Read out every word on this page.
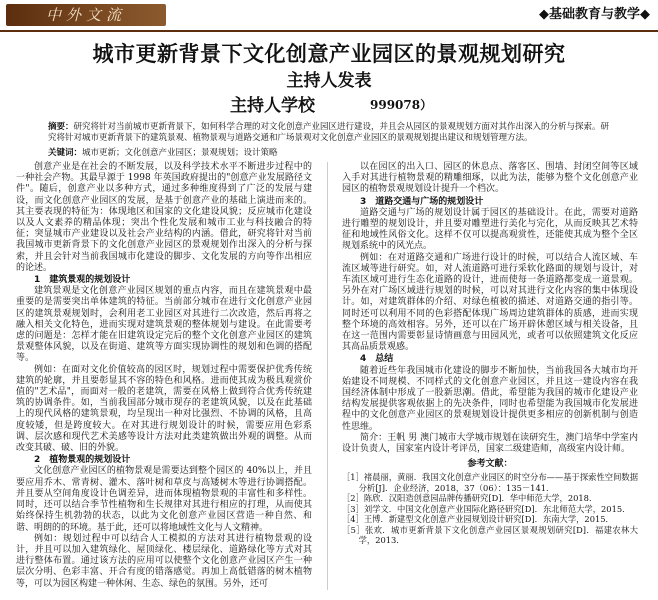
中外文流	◆基础教育与教学◆
城市更新背景下文化创意产业园区的景观规划研究
主持人发表
主持人学校	999078）
摘要：研究将针对当前城市更新背景下，如何科学合理的对文化创意产业园区进行建设，并且会从园区的景观规划方面对其作出深入的分析与探索。研究将针对城市更新背景下的建筑景观、植物景观与道路交通和广场景观对文化创意产业园区的景观规划提出建议和规划管理方法。
关键词：城市更新；文化创意产业园区；景观规划；设计策略

创意产业是在社会的不断发展，以及科学技术水平不断进步过程中的一种社会产物。其最早源于 1998 年英国政府提出的"创意产业发展路径文件"。随后，创意产业以多种方式，通过多种维度得到了广泛的发展与建设，而文化创意产业园区的发展，是基于创意产业的基础上演进而来的。其主要表现的特征为：体现地区和国家的文化建设风貌；反应城市化建设以及人文素养的精品体现；突出个性化发展和城市工业与科技融合的特征；突显城市产业建设以及社会产业结构的内涵。借此，研究将针对当前我国城市更新背景下的文化创意产业园区的景观规划作出深入的分析与探索，并且会针对当前我国城市化建设的脚步、文化发展的方向等作出相应的论述。

1　建筑景观的规划设计

建筑景观是文化创意产业园区规划的重点内容，而且在建筑景观中最重要的是需要突出单体建筑的特征。当前部分城市在进行文化创意产业园区的建筑景观规划时，会利用老工业园区对其进行二次改造，然后再将之融入相关文化特色，进而实现对建筑景观的整体规划与建设。在此需要考虑的问题是：怎样才能在旧建筑设定完后的整个文化创意产业园区的建筑景观整体风貌，以及在街道、建筑等方面实现协调性的规划和色调的搭配等。

例如：在面对文化价值较高的园区时，规划过程中需要保护优秀传统建筑的轮廓，并且要彰显其不容的特色和风格。进而使其成为极具观赏价值的"艺术品"，而面对一般的老建筑，需要在风格上做到符合优秀传统建筑的协调条件。如，当前我国部分城市现存的老建筑风貌，以及在此基础上的现代风格的建筑景观，均呈现出一种对比强烈、不协调的风格，且高度较矮，但是跨度较大。在对其进行规划设计的时候，需要应用色彩系调、层次感和现代艺术美感等设计方法对此类建筑做出外观的调整。从而改变其破、破、旧的外貌。

2　植物景观的规划设计

文化创意产业园区的植物景观是需要达到整个园区的 40%以上，并且要应用乔木、常青树、灌木、落叶树和草皮与高矮树木等进行协调搭配。并且要从空间角度设计色调差异，进而体现植物景观的丰富性和多样性。同时，还可以结合季节性植物和生长规律对其进行相应的打理，从而使其始终保持生机勃勃的状态，以此为文化创意产业园区营造一种自然、和谐、明朗的的环境。基于此，还可以将地域性文化与人文精神。

例如：规划过程中可以结合人工模拟的方法对其进行植物景观的设计，并且可以加入建筑绿化、屋顶绿化、楼层绿化、道路绿化等方式对其进行整体布置。通过该方法的应用可以使整个文化创意产业园区产生一种层次分明、色彩丰富、开合有度的错落感觉。再加上高低错落的树木植物等，可以为园区构建一种休闲、生态、绿色的氛围。另外，还可

以在园区的出入口、园区的休息点、落客区、围墙、封闭空间等区域入手对其进行植物景观的精雕细琢，以此为法，能够为整个文化创意产业园区的植物景观规划设计提升一个档次。

3　道路交通与广场的规划设计

道路交通与广场的规划设计属于园区的基础设计。在此，需要对道路进行雕塑的规划设计，并且要对雕塑进行美化与完化，从而反映其艺术特征和地域性风俗文化。这样不仅可以提高观赏性，还能使其成为整个全区规划系统中的风光点。

例如：在对道路交通和广场进行设计的时候，可以结合人流区域、车流区域等进行研究。如，对人流道路可进行采软化路面的规划与设计，对车流区域可进行生态化道路的设计，进而使每一条道路都变成一道景观。另外在对广场区域进行规划的时候，可以对其进行文化内容的集中体现设计。如，对建筑群体的介绍、对绿色植被的描述、对道路交通的指引等。同时还可以利用不同的色彩搭配体现广场周边建筑群体的质感，进而实现整个环境的高效相容。另外，还可以在广场开辟休憩区域与相关设备，且在这一范围内需要彰显诗情画意与田园风光，或者可以依照建筑文化反应其高品质景观感。

4　总结

随着近些年我国城市化建设的脚步不断加快，当前我国各大城市均开始建设不同规模、不同样式的文化创意产业园区，并且这一建设内容在我国经济体制中形成了一股新思潮。借此，希望能为我国的城市化建设产业结构发展提供客观依据上的先决条件，同时也希望能为我国城市化发展进程中的文化创意产业园区的景观规划设计提供更多相应的创新机制与创造性思维。

简介：王帆 男 澳门城市大学城市规划在读研究生，澳门培华中学室内设计负责人，国家室内设计考评员，国家二级建造师，高级室内设计师。

参考文献：

［1］褚晨丽，黄丽．我国文化创意产业园区的时空分布——基于探索性空间数据分析[J]．企业经济，2018，37（06）：135－141．

［2］陈欣．汉阳造创意园品牌传播研究[D]．华中师范大学，2018．

［3］刘学文．中国文化创意产业国际化路径研究[D]．东北师范大学，2015．

［4］王博．新建型文化创意产业园规划设计研究[D]．东南大学，2015．

［5］张欢．城市更新背景下文化创意产业园区景观规划研究[D]．福建农林大学，2013．
